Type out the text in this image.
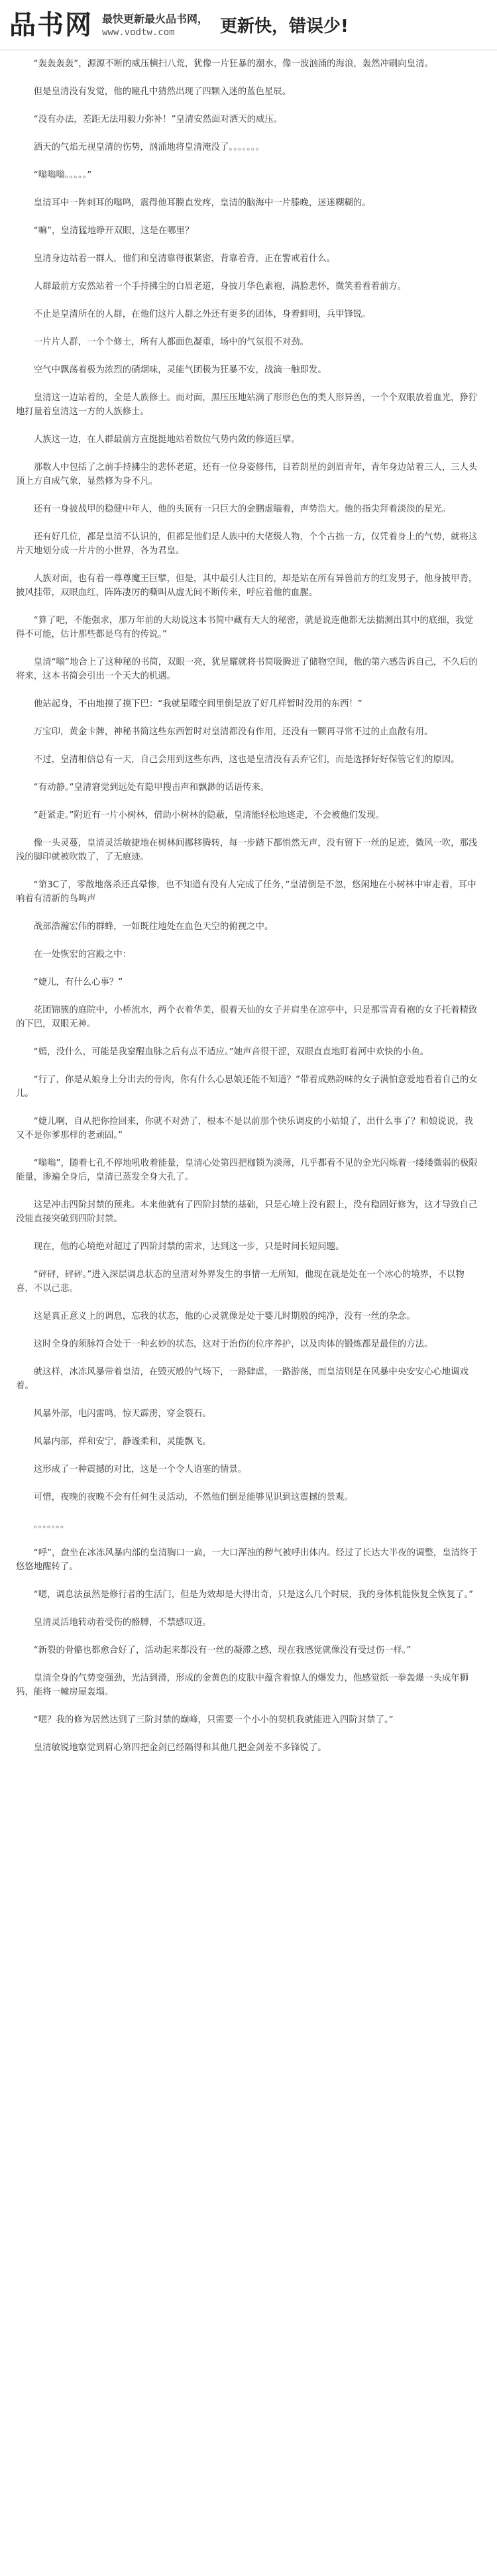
品书网 最快更新最火品书网，
www.vodtw.com	更新快，错误少!

“轰轰轰轰”，源源不断的威压横扫八荒，犹像一片狂暴的潮水，像一波汹涌的海浪，轰然冲刷向皇清。

但是皇清没有发觉，他的瞳孔中猜然出现了四颗入迷的蓝色星辰。

“没有办法，差距无法用毅力弥补！”皇清安然面对洒天的威压。

洒天的气焰无视皇清的伤势，汹涌地将皇清淹没了。。。。。。。

“嗡嗡嗡。。。。。”

皇清耳中一阵刺耳的嗡鸣，震得他耳膜直发疼，皇清的脑海中一片滕晚，迷迷糊糊的。

“嘛”，皇清猛地睁开双眼，这是在哪里？

皇清身边站着一群人，他们和皇清靠得很紧密，背靠着背，正在警戒着什么。

人群最前方安然站着一个手持拂尘的白眉老道，身披月华色素袍，满脸悲怀，微笑着看着前方。

不止是皇清所在的人群，在他们这片人群之外还有更多的团体，身着鲜明，兵甲锋锐。

一片片人群，一个个修士，所有人都面色凝重，场中的气氛很不对劲。

空气中飘荡着极为浓烈的硝烟味，灵能气团极为狂暴不安，战滴一触即发。

皇清这一边站着的，全是人族修士。而对面，黑压压地站满了形形色色的类人形异兽，一个个双眼放着血光，狰狞地打量着皇清这一方的人族修士。

人族这一边，在人群最前方直挺挺地站着数位气势内敛的修道巨擘。

那数人中包括了之前手持拂尘的悲怀老道，还有一位身姿修伟，目若朗星的剑眉青年，青年身边站着三人，三人头顶上方自成气象，显然修为身不凡。

还有一身披战甲的稳健中年人，他的头顶有一只巨大的金鹏虚瞄着，声势浩大。他的指尖拜着淡淡的星光。

还有好几位，都是皇清不认识的，但都是他们是人族中的大佬级人物，个个古拙一方，仅凭着身上的气势，就将这片天地划分成一片片的小世界，各为君皇。

人族对面，也有着一尊尊魔王巨擘，但是，其中最引人注目的，却是站在所有异兽前方的红发男子，他身披甲青，披风挂带，双眼血红，阵阵凄厉的嘶叫从虚无间不断传来，呼应着他的血腥。

“算了吧，不能强求，那万年前的大劫说这本书简中藏有天大的秘密，就是说连他都无法揣测出其中的底细，我觉得不可能，估计那些都是乌有的传说。”

皇清“嗡”地合上了这种秘的书简，双眼一亮，犹星耀就将书简吸腾进了储物空间，他的第六感告诉自己，不久后的将来，这本书简会引出一个天大的机遇。

他站起身，不由地摸了摸下巴：“我就星曜空间里倒是放了好几样暂时没用的东西！”

万宝印，黄金卡牌，神秘书简这些东西暂时对皇清都没有作用，还没有一颗再寻常不过的止血散有用。

不过，皇清相信总有一天，自己会用到这些东西，这也是皇清没有丢弃它们，而是选择好好保管它们的原因。

“有动静。”皇清窘觉到远处有隐甲搜击声和飘渺的话语传来。

“赶紧走。”附近有一片小树林，借助小树林的隐蔽，皇清能轻松地逃走，不会被他们发现。

像一头灵蔓，皇清灵活敏捷地在树林间挪移腾转，每一步踏下都悄然无声，没有留下一丝的足迹，微风一吹，那浅浅的脚印就被吹散了，了无痕迹。

“第3C了，零散地落杀还真晕惨，也不知道有没有人完成了任务，”皇清倒是不忽，悠闲地在小树林中审走着，耳中响着有清新的鸟鸣声

战部浩瀚宏伟的群蜂，一如既往地处在血色天空的俯视之中。

在一处恢宏的宫殿之中：

“婕儿，有什么心事？”

花团锦簇的庭院中，小桥流水，两个衣着华美，很着天仙的女子并肩坐在凉亭中，只是那雪青看袍的女子托着精致的下巴，双眼无神。

“嫣，没什么，可能是我窒醒血脉之后有点不适应。”她声音很干涩，双眼直直地盯着河中欢快的小鱼。

“行了，你是从娘身上分出去的骨肉，你有什么心思娘还能不知道？”带着成熟韵味的女子满怕意爱地看着自己的女儿。

“婕儿啊，自从把你捡回来，你就不对劲了，根本不是以前那个快乐调皮的小姑娘了，出什么事了？和娘说说，我又不是你爹那样的老顽固。”

“嗡嗡”，随着七孔不停地吼收着能量，皇清心处第四把枷锁为淡薄，几乎都看不见的金光闪烁着一缕缕微弱的极限能量，渗遍全身后，皇清已蒸发全身大孔了。

这是冲击四阶封禁的预兆。本来他就有了四阶封禁的基础，只是心境上没有跟上，没有稳固好修为，这才导致自己没能直接突破到四阶封禁。

现在，他的心境绝对超过了四阶封禁的需求，达到这一步，只是时间长短问题。

“砰砰，砰砰。”进入深层调息状态的皇清对外界发生的事情一无所知，他现在就是处在一个冰心的境界，不以物喜，不以己悲。

这是真正意义上的调息，忘我的状态，他的心灵就像是处于婴儿时期般的纯净，没有一丝的杂念。

这时全身的须脉符合处于一种玄妙的状态，这对于治伤的位序养护，以及肉体的锻炼都是最佳的方法。

就这样，冰冻风暴带着皇清，在毁灭般的气场下，一路肆虐，一路游荡，而皇清则是在风暴中央安安心心地调戏着。

风暴外部，电闪雷鸣，惊天霹雳，穿金裂石。

风暴内部，祥和安宁，静谧柔和，灵能飘飞。

这形成了一种震撼的对比，这是一个令人语塞的情景。

可惜，夜晚的夜晚不会有任何生灵活动，不然他们倒是能够见识到这震撼的景观。

。。。。。。。

“呼”，盘坐在冰冻风暴内部的皇清胸口一扁，一大口浑浊的秽气被呼出体内。经过了长达大半夜的调整，皇清终于悠悠地醒转了。

“嗯，调息法虽然是修行者的生活门，但是为效却是大得出奇，只是这么几个时辰，我的身体机能恢复全恢复了。”

皇清灵活地转动着受伤的骼膊，不禁感叹道。

“新裂的骨骼也都愈合好了，活动起来都没有一丝的凝滞之感，现在我感觉就像没有受过伤一样。”

皇清全身的气势变强劲，光洁到滑，形成的金黄色的皮肤中蕴含着惊人的爆发力，他感觉纸一拳轰爆一头成年狮犸，能将一幢房屋轰塌。

“嗯？我的修为居然达到了三阶封禁的巅峰，只需要一个小小的契机我就能进入四阶封禁了。”

皇清敏锐地察觉到眉心第四把金剑已经隔得和其他几把金剑差不多锋锐了。
